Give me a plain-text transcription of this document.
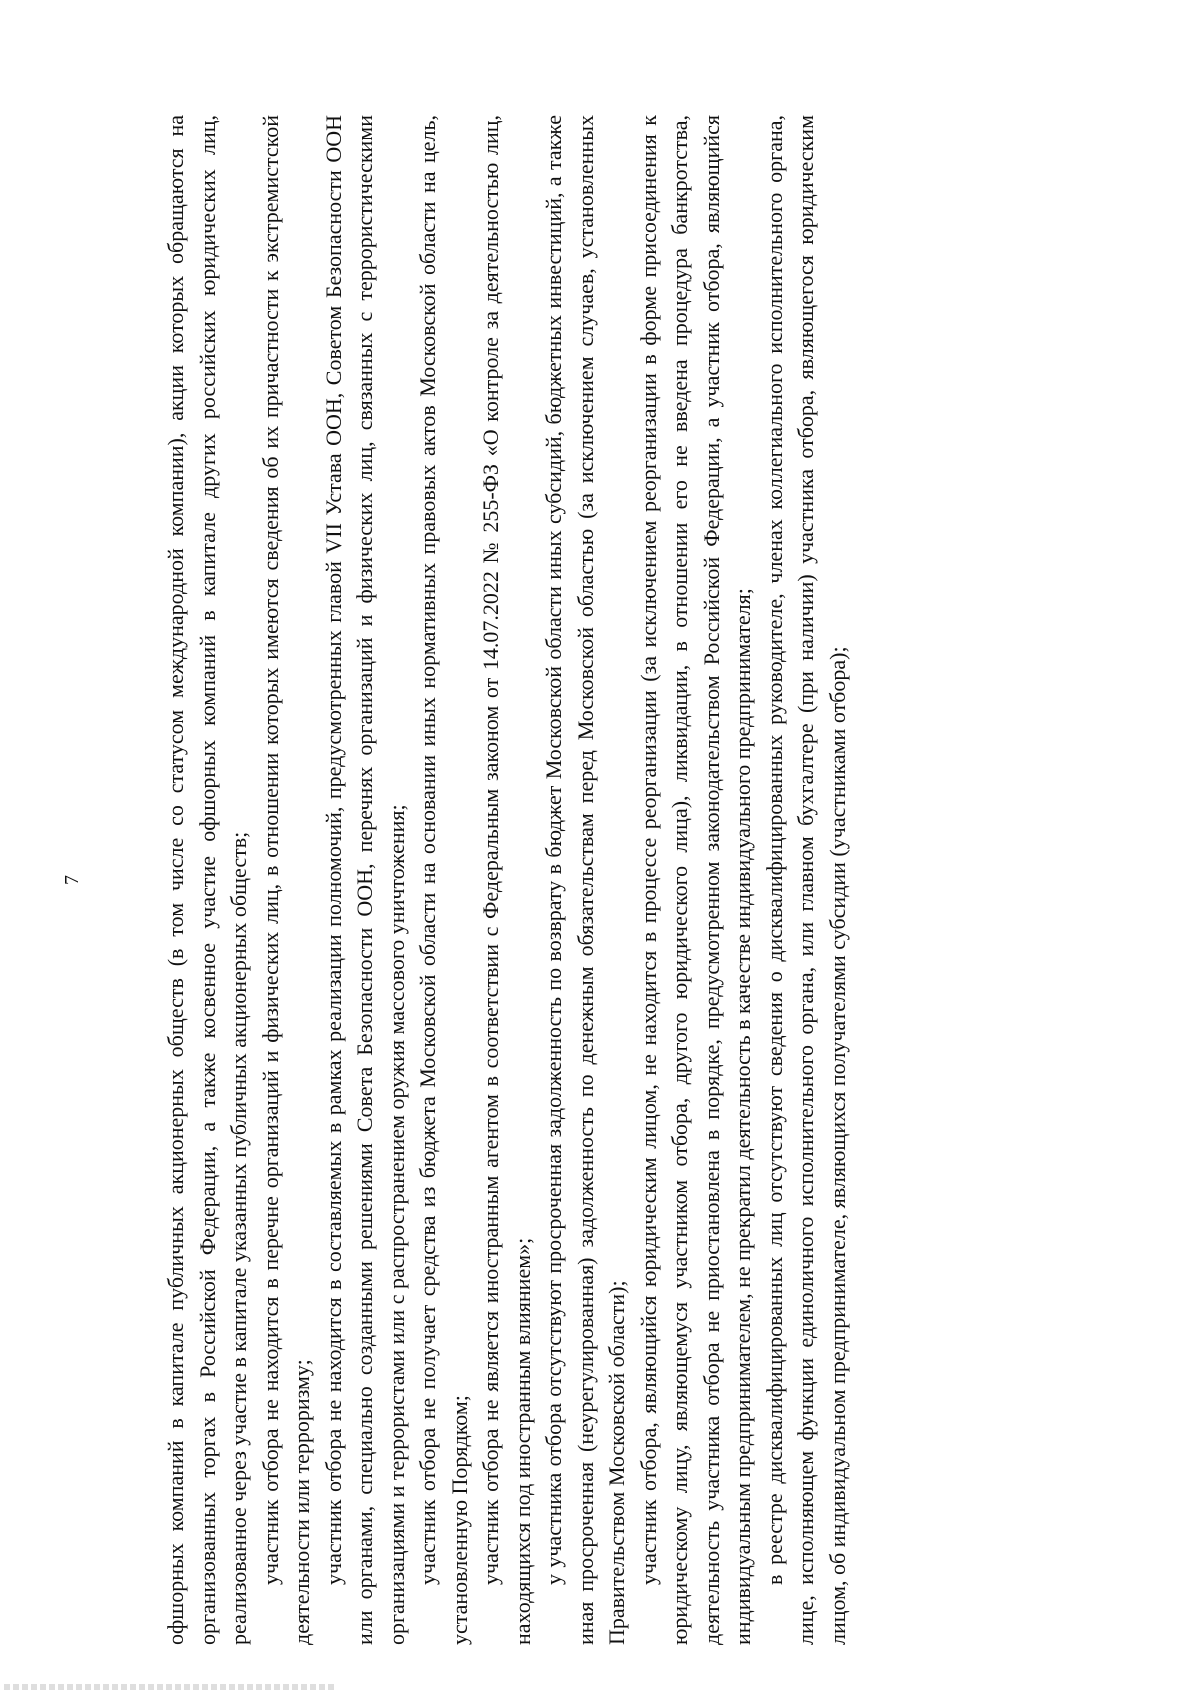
7	офшорных компаний в капитале публичных акционерных обществ (в том числе со статусом международной компании), акции которых обращаются на организованных торгах в Российской Федерации, а также косвенное участие офшорных компаний в капитале других российских юридических лиц, реализованное через участие в капитале указанных публичных акционерных обществ; участник отбора не находится в перечне организаций и физических лиц, в отношении которых имеются сведения об их причастности к экстремистской деятельности или терроризму; участник отбора не находится в составляемых в рамках реализации полномочий, предусмотренных главой VII Устава ООН, Советом Безопасности ООН или органами, специально созданными решениями Совета Безопасности ООН, перечнях организаций и физических лиц, связанных с террористическими организациями и террористами или с распространением оружия массового уничтожения; участник отбора не получает средства из бюджета Московской области на основании иных нормативных правовых актов Московской области на цель, установленную Порядком; участник отбора не является иностранным агентом в соответствии с Федеральным законом от 14.07.2022 № 255-ФЗ «О контроле за деятельностью лиц, находящихся под иностранным влиянием»; у участника отбора отсутствуют просроченная задолженность по возврату в бюджет Московской области иных субсидий, бюджетных инвестиций, а также иная просроченная (неурегулированная) задолженность по денежным обязательствам перед Московской областью (за исключением случаев, установленных Правительством Московской области); участник отбора, являющийся юридическим лицом, не находится в процессе реорганизации (за исключением реорганизации в форме присоединения к юридическому лицу, являющемуся участником отбора, другого юридического лица), ликвидации, в отношении его не введена процедура банкротства, деятельность участника отбора не приостановлена в порядке, предусмотренном законодательством Российской Федерации, а участник отбора, являющийся индивидуальным предпринимателем, не прекратил деятельность в качестве индивидуального предпринимателя; в реестре дисквалифицированных лиц отсутствуют сведения о дисквалифицированных руководителе, членах коллегиального исполнительного органа, лице, исполняющем функции единоличного исполнительного органа, или главном бухгалтере (при наличии) участника отбора, являющегося юридическим лицом, об индивидуальном предпринимателе, являющихся получателями субсидии (участниками отбора);
